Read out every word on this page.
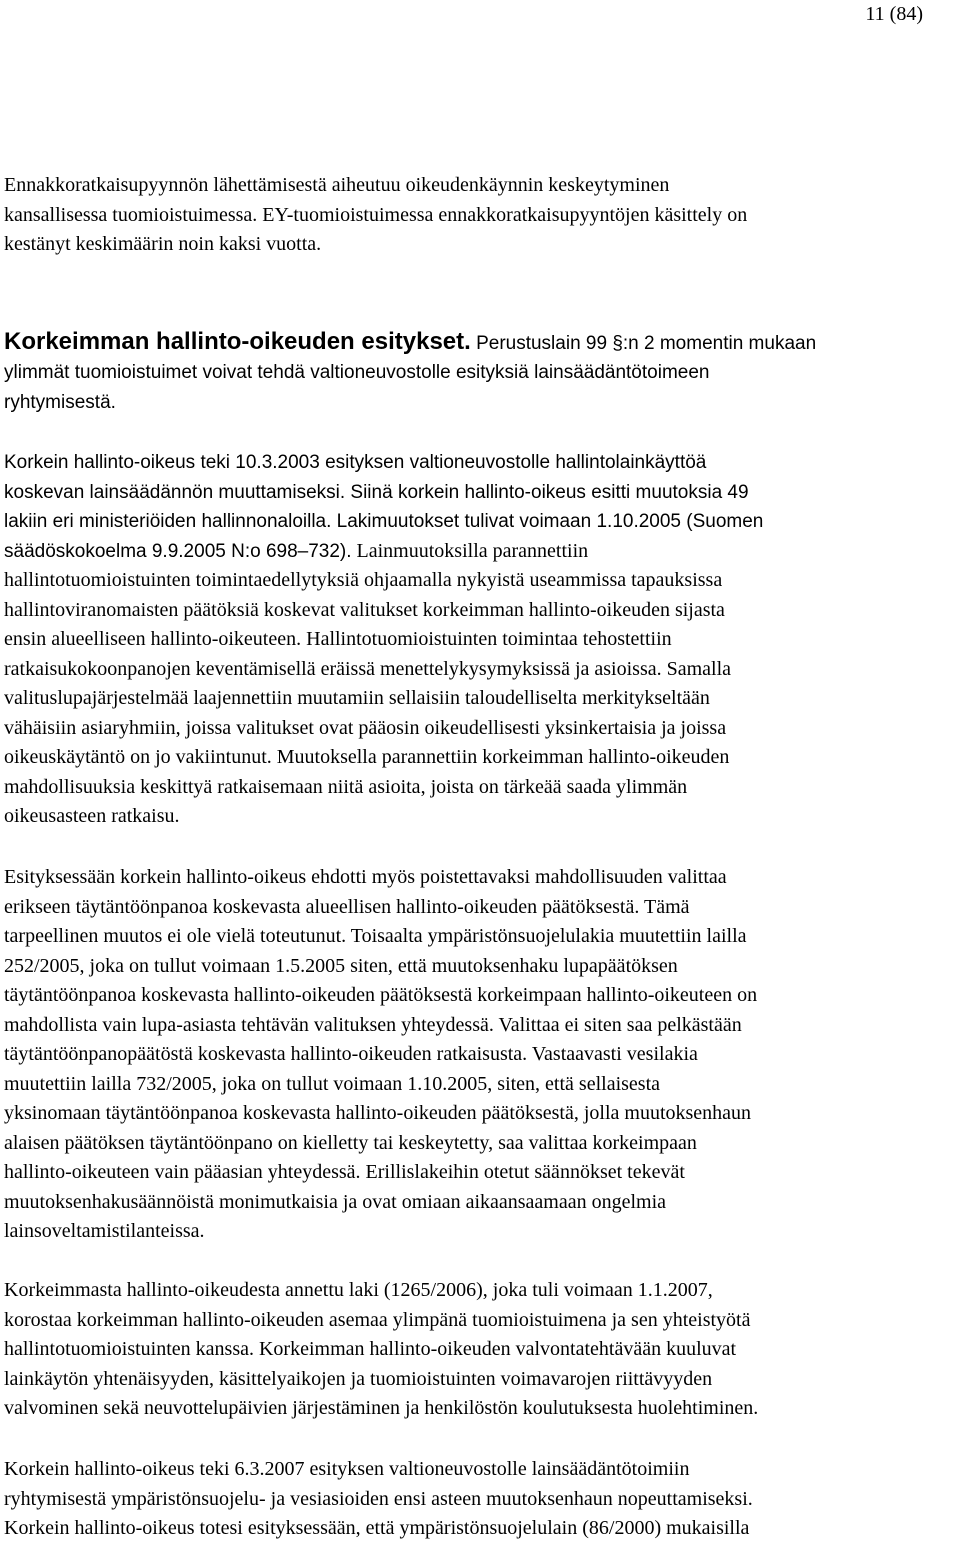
11 (84)
Ennakkoratkaisupyynnön lähettämisestä aiheutuu oikeudenkäynnin keskeytyminen
kansallisessa tuomioistuimessa. EY-tuomioistuimessa ennakkoratkaisupyyntöjen käsittely on
kestänyt keskimäärin noin kaksi vuotta.
Korkeimman hallinto-oikeuden esitykset. Perustuslain 99 §:n 2 momentin mukaan
ylimmät tuomioistuimet voivat tehdä valtioneuvostolle esityksiä lainsäädäntötoimeen
ryhtymisestä.
Korkein hallinto-oikeus teki 10.3.2003 esityksen valtioneuvostolle hallintolainkäyttöä
koskevan lainsäädännön muuttamiseksi. Siinä korkein hallinto-oikeus esitti muutoksia 49
lakiin eri ministeriöiden hallinnonaloilla. Lakimuutokset tulivat voimaan 1.10.2005 (Suomen
säädöskokoelma 9.9.2005 N:o 698–732). Lainmuutoksilla parannettiin
hallintotuomioistuinten toimintaedellytyksiä ohjaamalla nykyistä useammissa tapauksissa
hallintoviranomaisten päätöksiä koskevat valitukset korkeimman hallinto-oikeuden sijasta
ensin alueelliseen hallinto-oikeuteen. Hallintotuomioistuinten toimintaa tehostettiin
ratkaisukokoonpanojen keventämisellä eräissä menettelykysymyksissä ja asioissa. Samalla
valituslupajärjestelmää laajennettiin muutamiin sellaisiin taloudelliselta merkitykseltään
vähäisiin asiaryhmiin, joissa valitukset ovat pääosin oikeudellisesti yksinkertaisia ja joissa
oikeuskäytäntö on jo vakiintunut. Muutoksella parannettiin korkeimman hallinto-oikeuden
mahdollisuuksia keskittyä ratkaisemaan niitä asioita, joista on tärkeää saada ylimmän
oikeusasteen ratkaisu.
Esityksessään korkein hallinto-oikeus ehdotti myös poistettavaksi mahdollisuuden valittaa
erikseen täytäntöönpanoa koskevasta alueellisen hallinto-oikeuden päätöksestä. Tämä
tarpeellinen muutos ei ole vielä toteutunut. Toisaalta ympäristönsuojelulakia muutettiin lailla
252/2005, joka on tullut voimaan 1.5.2005 siten, että muutoksenhaku lupapäätöksen
täytäntöönpanoa koskevasta hallinto-oikeuden päätöksestä korkeimpaan hallinto-oikeuteen on
mahdollista vain lupa-asiasta tehtävän valituksen yhteydessä. Valittaa ei siten saa pelkästään
täytäntöönpanopäätöstä koskevasta hallinto-oikeuden ratkaisusta. Vastaavasti vesilakia
muutettiin lailla 732/2005, joka on tullut voimaan 1.10.2005, siten, että sellaisesta
yksinomaan täytäntöönpanoa koskevasta hallinto-oikeuden päätöksestä, jolla muutoksenhaun
alaisen päätöksen täytäntöönpano on kielletty tai keskeytetty, saa valittaa korkeimpaan
hallinto-oikeuteen vain pääasian yhteydessä. Erillislakeihin otetut säännökset tekevät
muutoksenhakusäännöistä monimutkaisia ja ovat omiaan aikaansaamaan ongelmia
lainsoveltamistilanteissa.
Korkeimmasta hallinto-oikeudesta annettu laki (1265/2006), joka tuli voimaan 1.1.2007,
korostaa korkeimman hallinto-oikeuden asemaa ylimpänä tuomioistuimena ja sen yhteistyötä
hallintotuomioistuinten kanssa. Korkeimman hallinto-oikeuden valvontatehtävään kuuluvat
lainkäytön yhtenäisyyden, käsittelyaikojen ja tuomioistuinten voimavarojen riittävyyden
valvominen sekä neuvottelupäivien järjestäminen ja henkilöstön koulutuksesta huolehtiminen.
Korkein hallinto-oikeus teki 6.3.2007 esityksen valtioneuvostolle lainsäädäntötoimiin
ryhtymisestä ympäristönsuojelu- ja vesiasioiden ensi asteen muutoksenhaun nopeuttamiseksi.
Korkein hallinto-oikeus totesi esityksessään, että ympäristönsuojelulain (86/2000) mukaisilla
